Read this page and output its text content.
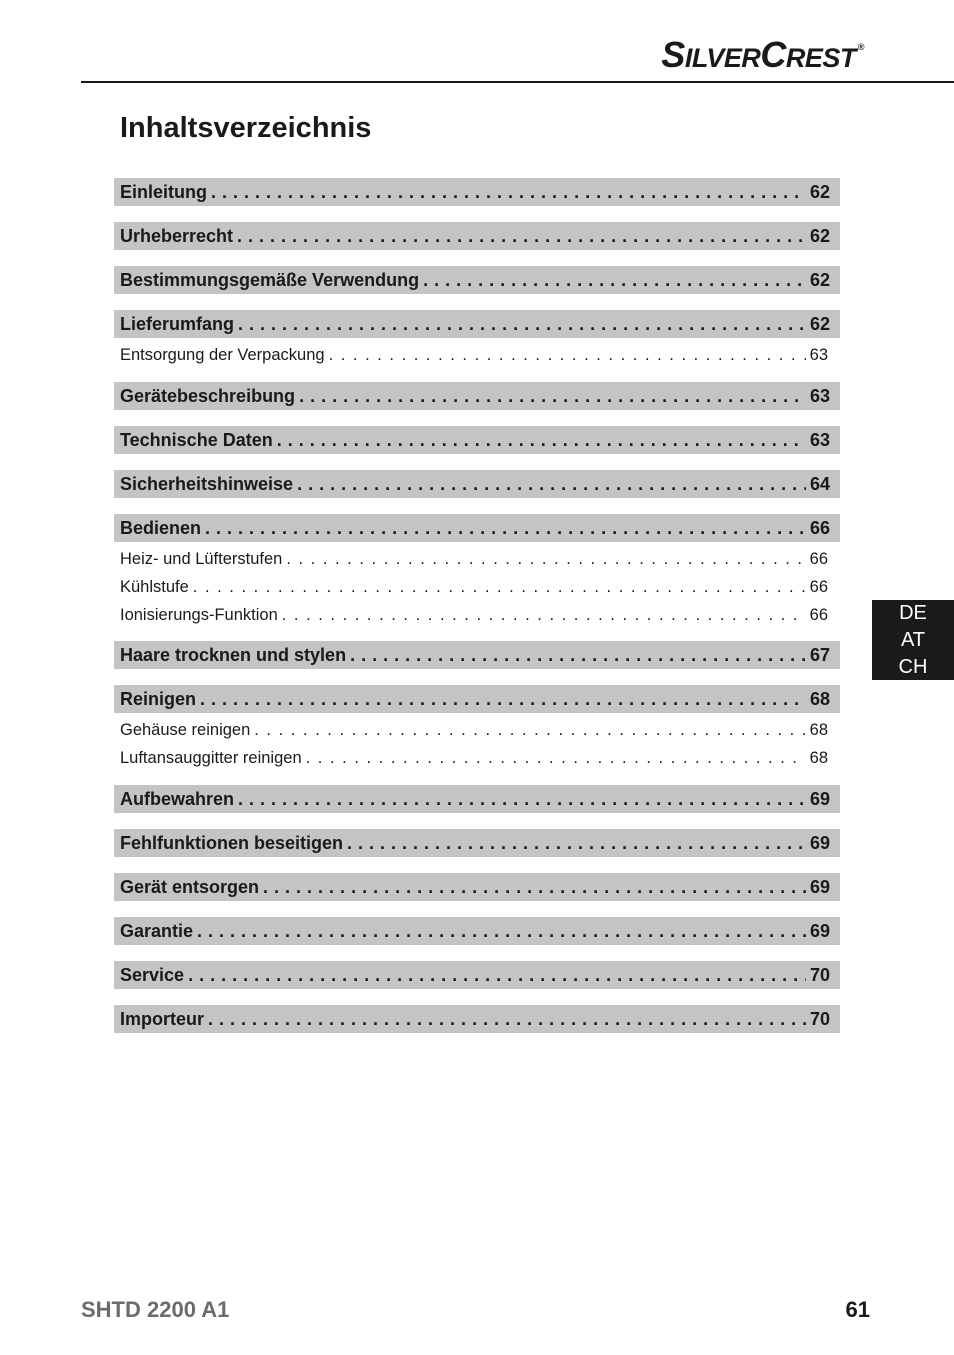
SILVERCREST ®
Inhaltsverzeichnis
Einleitung . . .	62
Urheberrecht . . .	62
Bestimmungsgemäße Verwendung . . .	62
Lieferumfang . . .	62
Entsorgung der Verpackung . . .	63
Gerätebeschreibung . . .	63
Technische Daten . . .	63
Sicherheitshinweise . . .	64
Bedienen . . .	66
Heiz- und Lüfterstufen . . .	66
Kühlstufe . . .	66
Ionisierungs-Funktion . . .	66
Haare trocknen und stylen . . .	67
Reinigen . . .	68
Gehäuse reinigen . . .	68
Luftansauggitter reinigen . . .	68
Aufbewahren . . .	69
Fehlfunktionen beseitigen . . .	69
Gerät entsorgen . . .	69
Garantie . . .	69
Service . . .	70
Importeur . . .	70
DE
AT
CH
SHTD 2200 A1	61
